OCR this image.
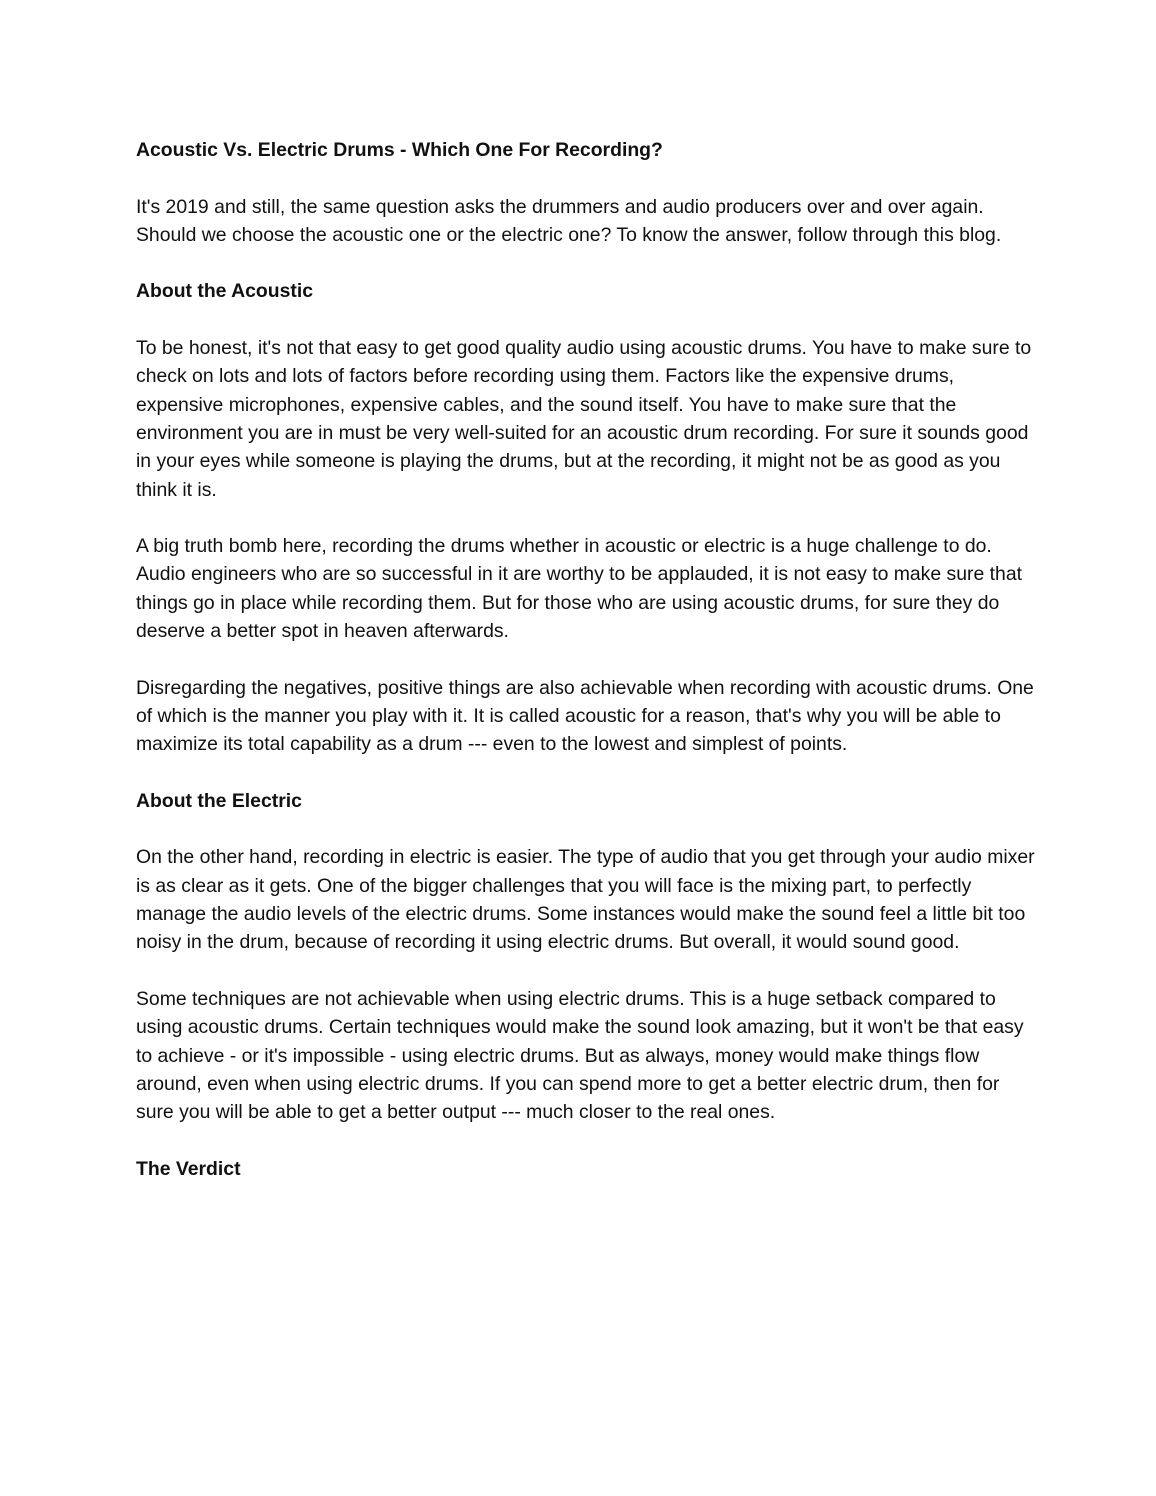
Acoustic Vs. Electric Drums - Which One For Recording?

It's 2019 and still, the same question asks the drummers and audio producers over and over again. Should we choose the acoustic one or the electric one? To know the answer, follow through this blog.

About the Acoustic

To be honest, it's not that easy to get good quality audio using acoustic drums. You have to make sure to check on lots and lots of factors before recording using them. Factors like the expensive drums, expensive microphones, expensive cables, and the sound itself. You have to make sure that the environment you are in must be very well-suited for an acoustic drum recording. For sure it sounds good in your eyes while someone is playing the drums, but at the recording, it might not be as good as you think it is.

A big truth bomb here, recording the drums whether in acoustic or electric is a huge challenge to do. Audio engineers who are so successful in it are worthy to be applauded, it is not easy to make sure that things go in place while recording them. But for those who are using acoustic drums, for sure they do deserve a better spot in heaven afterwards.

Disregarding the negatives, positive things are also achievable when recording with acoustic drums. One of which is the manner you play with it. It is called acoustic for a reason, that's why you will be able to maximize its total capability as a drum --- even to the lowest and simplest of points.

About the Electric

On the other hand, recording in electric is easier. The type of audio that you get through your audio mixer is as clear as it gets. One of the bigger challenges that you will face is the mixing part, to perfectly manage the audio levels of the electric drums. Some instances would make the sound feel a little bit too noisy in the drum, because of recording it using electric drums. But overall, it would sound good.

Some techniques are not achievable when using electric drums. This is a huge setback compared to using acoustic drums. Certain techniques would make the sound look amazing, but it won't be that easy to achieve - or it's impossible - using electric drums. But as always, money would make things flow around, even when using electric drums. If you can spend more to get a better electric drum, then for sure you will be able to get a better output --- much closer to the real ones.

The Verdict
